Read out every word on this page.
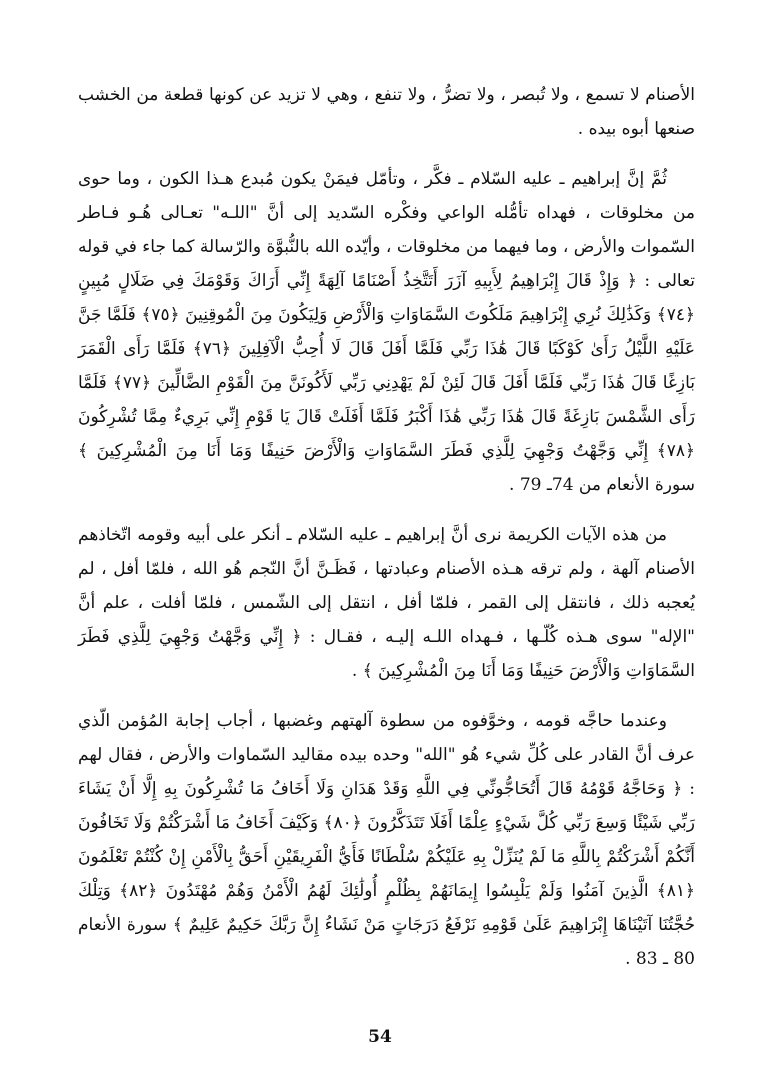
الأصنام لا تسمع ، ولا تُبصر ، ولا تضرُّ ، ولا تنفع ، وهي لا تزيد عن كونها قطعة من الخشب صنعها أبوه بيده .

ثُمَّ إنَّ إبراهيم ـ عليه السّلام ـ فكَّر ، وتأمّل فيمَنْ يكون مُبدع هـذا الكون ، وما حوى من مخلوقات ، فهداه تأمُّله الواعي وفكْره السّديد إلى أنَّ "اللـه" تعـالى هُـو فـاطر السّموات والأرض ، وما فيهما من مخلوقات ، وأيّده الله بالنُّبوَّة والرّسالة كما جاء في قوله تعالى : ﴿ وَإِذْ قَالَ إِبْرَاهِيمُ لِأَبِيهِ آزَرَ أَتَتَّخِذُ أَصْنَامًا آلِهَةً إِنِّي أَرَاكَ وَقَوْمَكَ فِي ضَلَالٍ مُبِينٍ ﴿٧٤﴾ وَكَذَٰلِكَ نُرِي إِبْرَاهِيمَ مَلَكُوتَ السَّمَاوَاتِ وَالْأَرْضِ وَلِيَكُونَ مِنَ الْمُوقِنِينَ ﴿٧٥﴾ فَلَمَّا جَنَّ عَلَيْهِ اللَّيْلُ رَأَىٰ كَوْكَبًا قَالَ هَٰذَا رَبِّي فَلَمَّا أَفَلَ قَالَ لَا أُحِبُّ الْآفِلِينَ ﴿٧٦﴾ فَلَمَّا رَأَى الْقَمَرَ بَازِغًا قَالَ هَٰذَا رَبِّي فَلَمَّا أَفَلَ قَالَ لَئِنْ لَمْ يَهْدِنِي رَبِّي لَأَكُونَنَّ مِنَ الْقَوْمِ الضَّالِّينَ ﴿٧٧﴾ فَلَمَّا رَأَى الشَّمْسَ بَازِغَةً قَالَ هَٰذَا رَبِّي هَٰذَا أَكْبَرُ فَلَمَّا أَفَلَتْ قَالَ يَا قَوْمِ إِنِّي بَرِيءٌ مِمَّا تُشْرِكُونَ ﴿٧٨﴾ إِنِّي وَجَّهْتُ وَجْهِيَ لِلَّذِي فَطَرَ السَّمَاوَاتِ وَالْأَرْضَ حَنِيفًا وَمَا أَنَا مِنَ الْمُشْرِكِينَ ﴾ سورة الأنعام من 74ـ 79 .

من هذه الآيات الكريمة نرى أنَّ إبراهيم ـ عليه السّلام ـ أنكر على أبيه وقومه اتّخاذهم الأصنام آلهة ، ولم ترقه هـذه الأصنام وعبادتها ، فَظَـنَّ أنَّ النّجم هُو الله ، فلمّا أفل ، لم يُعجبه ذلك ، فانتقل إلى القمر ، فلمّا أفل ، انتقل إلى الشّمس ، فلمّا أفلت ، علم أنَّ "الإله" سوى هـذه كُلّـها ، فـهداه اللـه إليـه ، فقـال : ﴿ إِنِّي وَجَّهْتُ وَجْهِيَ لِلَّذِي فَطَرَ السَّمَاوَاتِ وَالْأَرْضَ حَنِيفًا وَمَا أَنَا مِنَ الْمُشْرِكِينَ ﴾ .

وعندما حاجَّه قومه ، وخوَّفوه من سطوة آلهتهم وغضبها ، أجاب إجابة المُؤمن الّذي عرف أنَّ القادر على كُلِّ شيء هُو "الله" وحده بيده مقاليد السّماوات والأرض ، فقال لهم : ﴿ وَحَاجَّهُ قَوْمُهُ قَالَ أَتُحَاجُّونِّي فِي اللَّهِ وَقَدْ هَدَانِ وَلَا أَخَافُ مَا تُشْرِكُونَ بِهِ إِلَّا أَنْ يَشَاءَ رَبِّي شَيْئًا وَسِعَ رَبِّي كُلَّ شَيْءٍ عِلْمًا أَفَلَا تَتَذَكَّرُونَ ﴿٨٠﴾ وَكَيْفَ أَخَافُ مَا أَشْرَكْتُمْ وَلَا تَخَافُونَ أَنَّكُمْ أَشْرَكْتُمْ بِاللَّهِ مَا لَمْ يُنَزِّلْ بِهِ عَلَيْكُمْ سُلْطَانًا فَأَيُّ الْفَرِيقَيْنِ أَحَقُّ بِالْأَمْنِ إِنْ كُنْتُمْ تَعْلَمُونَ ﴿٨١﴾ الَّذِينَ آمَنُوا وَلَمْ يَلْبِسُوا إِيمَانَهُمْ بِظُلْمٍ أُولَٰئِكَ لَهُمُ الْأَمْنُ وَهُمْ مُهْتَدُونَ ﴿٨٢﴾ وَتِلْكَ حُجَّتُنَا آتَيْنَاهَا إِبْرَاهِيمَ عَلَىٰ قَوْمِهِ نَرْفَعُ دَرَجَاتٍ مَنْ نَشَاءُ إِنَّ رَبَّكَ حَكِيمٌ عَلِيمٌ ﴾ سورة الأنعام 80 ـ 83 .

54
